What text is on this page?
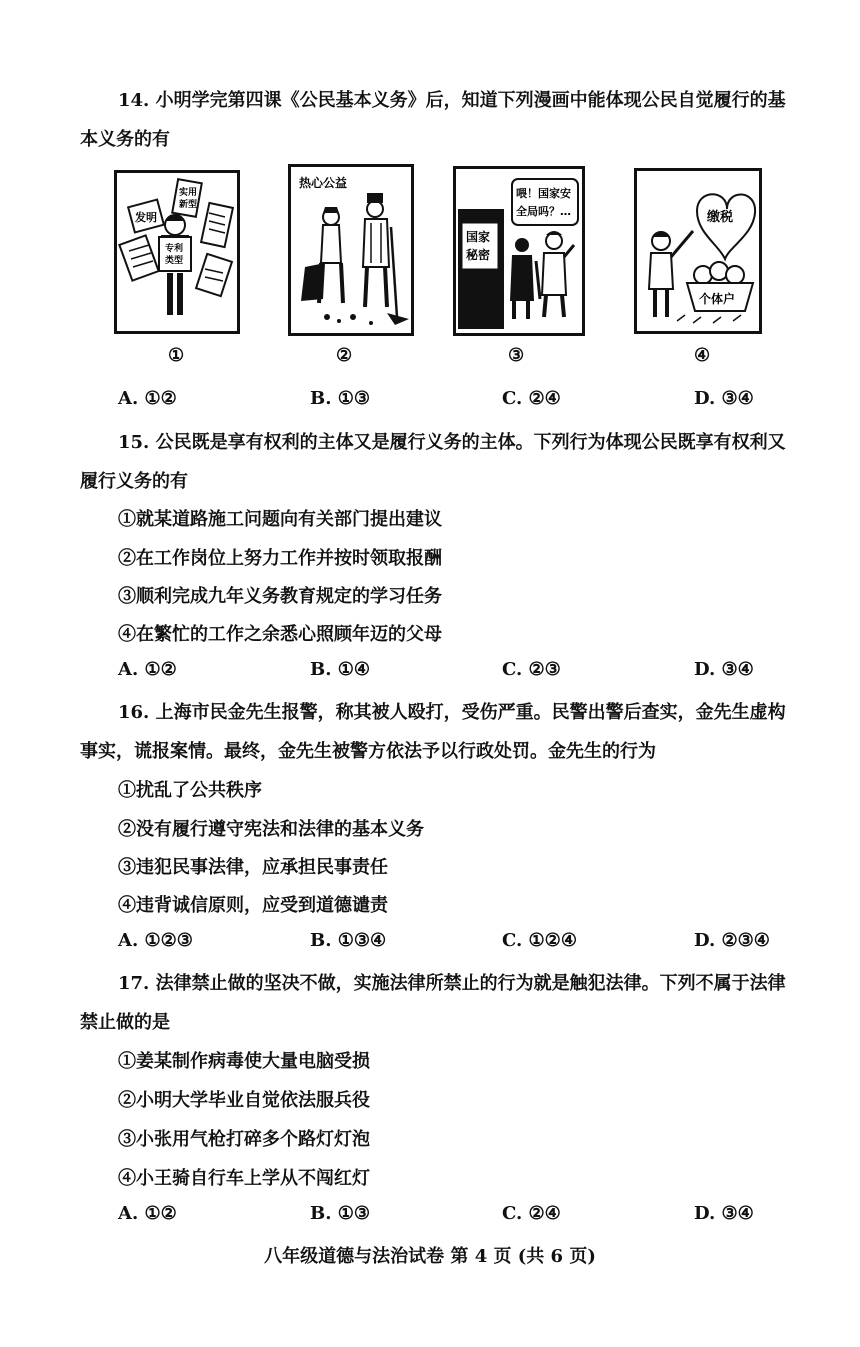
14. 小明学完第四课《公民基本义务》后，知道下列漫画中能体现公民自觉履行的基
本义务的有
发明
实用
新型
专利
类型
①
热心公益
②
国家
秘密
喂！国家安
全局吗？…
③
缴税
个体户
④
A. ①②	B. ①③	C. ②④	D. ③④
15. 公民既是享有权利的主体又是履行义务的主体。下列行为体现公民既享有权利又
履行义务的有
①就某道路施工问题向有关部门提出建议
②在工作岗位上努力工作并按时领取报酬
③顺利完成九年义务教育规定的学习任务
④在繁忙的工作之余悉心照顾年迈的父母
A. ①②	B. ①④	C. ②③	D. ③④
16. 上海市民金先生报警，称其被人殴打，受伤严重。民警出警后查实，金先生虚构
事实，谎报案情。最终，金先生被警方依法予以行政处罚。金先生的行为
①扰乱了公共秩序
②没有履行遵守宪法和法律的基本义务
③违犯民事法律，应承担民事责任
④违背诚信原则，应受到道德谴责
A. ①②③	B. ①③④	C. ①②④	D. ②③④
17. 法律禁止做的坚决不做，实施法律所禁止的行为就是触犯法律。下列不属于法律
禁止做的是
①姜某制作病毒使大量电脑受损
②小明大学毕业自觉依法服兵役
③小张用气枪打碎多个路灯灯泡
④小王骑自行车上学从不闯红灯
A. ①②	B. ①③	C. ②④	D. ③④
八年级道德与法治试卷 第 4 页 (共 6 页)
